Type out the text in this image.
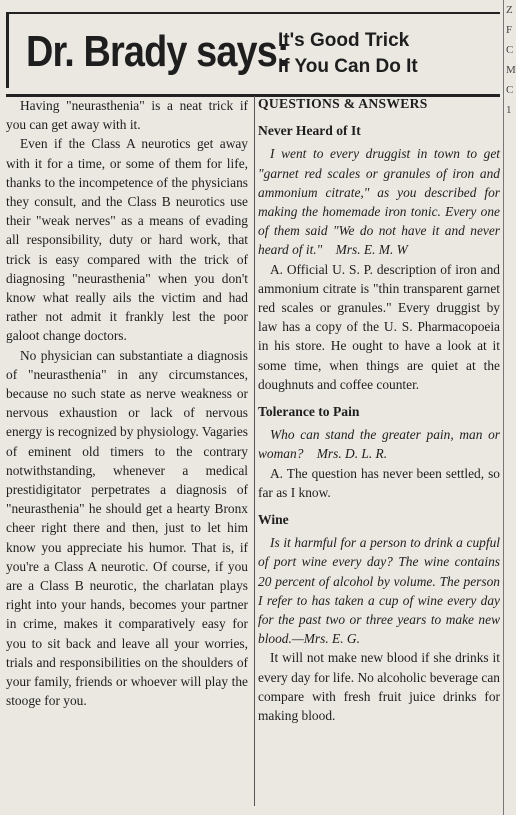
Dr. Brady says:
It's Good Trick
If You Can Do It
Z
F
C
M
C
1

Having "neurasthenia" is a neat trick if you can get away with it.

Even if the Class A neurotics get away with it for a time, or some of them for life, thanks to the incompetence of the physicians they consult, and the Class B neurotics use their "weak nerves" as a means of evading all responsibility, duty or hard work, that trick is easy compared with the trick of diagnosing "neurasthenia" when you don't know what really ails the victim and had rather not admit it frankly lest the poor galoot change doctors.

No physician can substantiate a diagnosis of "neurasthenia" in any circumstances, because no such state as nerve weakness or nervous exhaustion or lack of nervous energy is recognized by physiology. Vagaries of eminent old timers to the contrary notwithstanding, whenever a medical prestidigitator perpetrates a diagnosis of "neurasthenia" he should get a hearty Bronx cheer right there and then, just to let him know you appreciate his humor. That is, if you're a Class A neurotic. Of course, if you are a Class B neurotic, the charlatan plays right into your hands, becomes your partner in crime, makes it comparatively easy for you to sit back and leave all your worries, trials and responsibilities on the shoulders of your family, friends or whoever will play the stooge for you.

QUESTIONS & ANSWERS
Never Heard of It

I went to every druggist in town to get "garnet red scales or granules of iron and ammonium citrate," as you described for making the homemade iron tonic. Every one of them said "We do not have it and never heard of it." Mrs. E. M. W

A. Official U. S. P. description of iron and ammonium citrate is "thin transparent garnet red scales or granules." Every druggist by law has a copy of the U. S. Pharmacopoeia in his store. He ought to have a look at it some time, when things are quiet at the doughnuts and coffee counter.

Tolerance to Pain

Who can stand the greater pain, man or woman? Mrs. D. L. R.

A. The question has never been settled, so far as I know.

Wine

Is it harmful for a person to drink a cupful of port wine every day? The wine contains 20 percent of alcohol by volume. The person I refer to has taken a cup of wine every day for the past two or three years to make new blood.—Mrs. E. G.

It will not make new blood if she drinks it every day for life. No alcoholic beverage can compare with fresh fruit juice drinks for making blood.
